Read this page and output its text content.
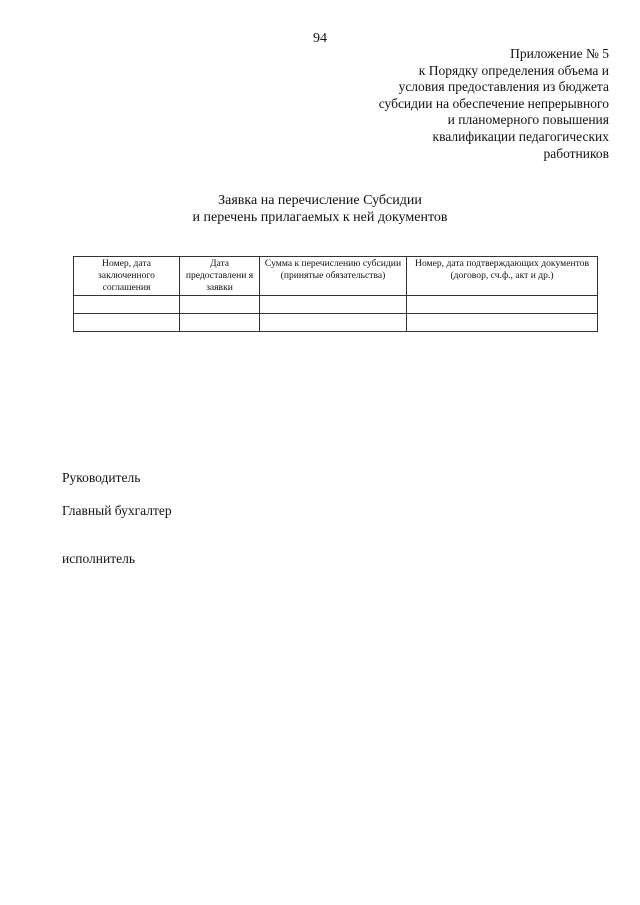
94
Приложение № 5
к Порядку определения объема и
условия предоставления из бюджета
субсидии на обеспечение непрерывного
и планомерного повышения
квалификации педагогических
работников
Заявка на перечисление Субсидии
и перечень прилагаемых к ней документов
Номер, дата заключенного соглашения	Дата предоставлени я заявки	Сумма к перечислению субсидии (принятые обязательства)	Номер, дата подтверждающих документов (договор, сч.ф., акт и др.)

Руководитель
Главный бухгалтер
исполнитель
